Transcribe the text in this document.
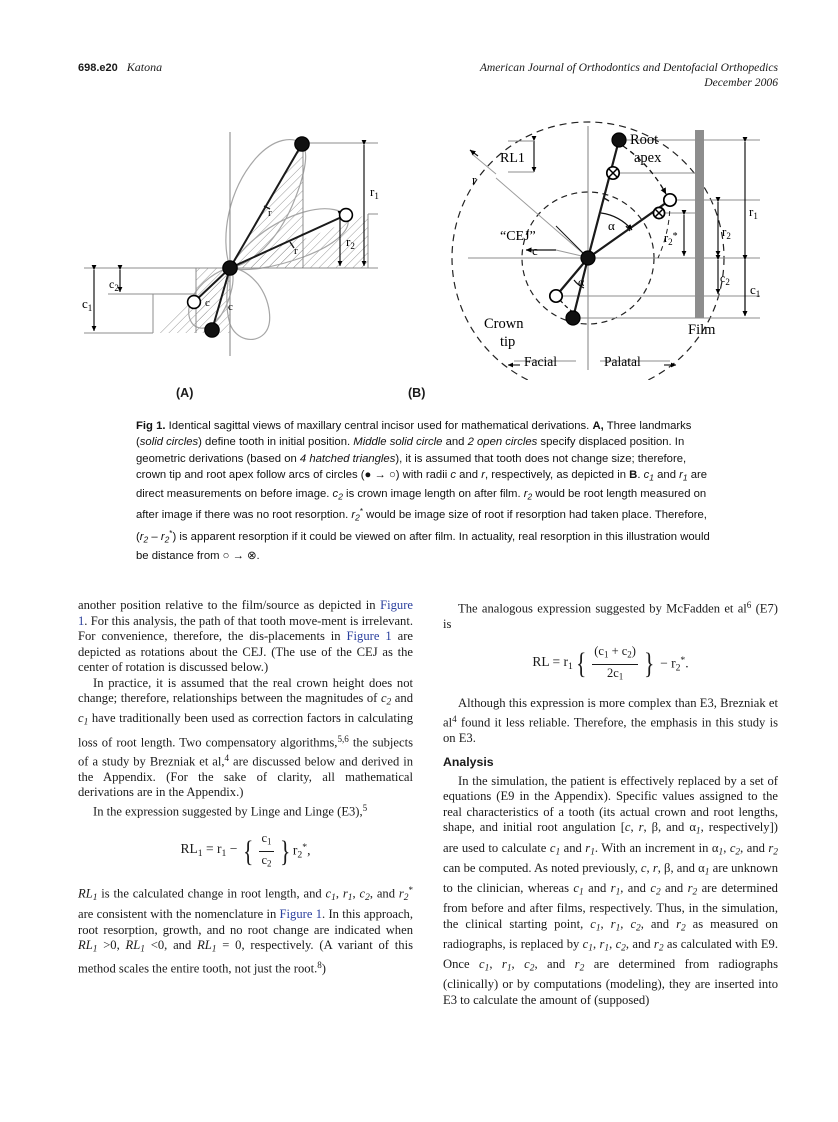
698.e20 Katona	American Journal of Orthodontics and Dentofacial Orthopedics
December 2006
$r_1$
$r_2$
$c_1$
$c_2$
r
r
c c
Root
apex
RL1
r
“CEJ”
c
α
α
Crown
tip
Facial	Palatal
Film
$r_2^*$
$r_1$
$r_2$
$c_1$
$c_2$
(A)	(B)
Fig 1. Identical sagittal views of maxillary central incisor used for mathematical derivations. A, Three landmarks (solid circles) define tooth in initial position. Middle solid circle and 2 open circles specify displaced position. In geometric derivations (based on 4 hatched triangles), it is assumed that tooth does not change size; therefore, crown tip and root apex follow arcs of circles (● → ○) with radii c and r, respectively, as depicted in B. $c_1$ and $r_1$ are direct measurements on before image. $c_2$ is crown image length on after film. $r_2$ would be root length measured on after image if there was no root resorption. $r_2^*$ would be image size of root if resorption had taken place. Therefore, $(r_2 - r_2^*)$ is apparent resorption if it could be viewed on after film. In actuality, real resorption in this illustration would be distance from ○ → ⊗.

another position relative to the film/source as depicted in Figure 1. For this analysis, the path of that tooth move‑ment is irrelevant. For convenience, therefore, the dis‑placements in Figure 1 are depicted as rotations about the CEJ. (The use of the CEJ as the center of rotation is discussed below.)

In practice, it is assumed that the real crown height does not change; therefore, relationships between the magnitudes of $c_2$ and $c_1$ have traditionally been used as correction factors in calculating loss of root length. Two compensatory algorithms,$^{5,6}$ the subjects of a study by Brezniak et al,$^4$ are discussed below and derived in the Appendix. (For the sake of clarity, all mathematical derivations are in the Appendix.)

In the expression suggested by Linge and Linge (E3),$^5$

$RL_1 = r_1$ − { $\frac{c_1}{c_2}$ } $r_2^*$,

$RL_1$ is the calculated change in root length, and $c_1$, $r_1$, $c_2$, and $r_2^*$ are consistent with the nomenclature in Figure 1. In this approach, root resorption, growth, and no root change are indicated when $RL_1 >0$, $RL_1 <0$, and $RL_1 = 0$, respectively. (A variant of this method scales the entire tooth, not just the root.$^8$)

The analogous expression suggested by McFadden et $al^6$ (E7) is

RL = $r_1$ { $\frac{(c_1 + c_2)}{2c_1}$ } − $r_2^*$.

Although this expression is more complex than E3, Brezniak et $al^4$ found it less reliable. Therefore, the emphasis in this study is on E3.

Analysis

In the simulation, the patient is effectively replaced by a set of equations (E9 in the Appendix). Specific values assigned to the real characteristics of a tooth (its actual crown and root lengths, shape, and initial root angulation [c, r, β, and $\alpha_1$, respectively]) are used to calculate $c_1$ and $r_1$. With an increment in $\alpha_1$, $c_2$, and $r_2$ can be computed. As noted previously, c, r, β, and $\alpha_1$ are unknown to the clinician, whereas $c_1$ and $r_1$, and $c_2$ and $r_2$ are determined from before and after films, respectively. Thus, in the simulation, the clinical starting point, $c_1$, $r_1$, $c_2$, and $r_2$ as measured on radiographs, is replaced by $c_1$, $r_1$, $c_2$, and $r_2$ as calculated with E9. Once $c_1$, $r_1$, $c_2$, and $r_2$ are determined from radiographs (clinically) or by computations (modeling), they are inserted into E3 to calculate the amount of (supposed)
